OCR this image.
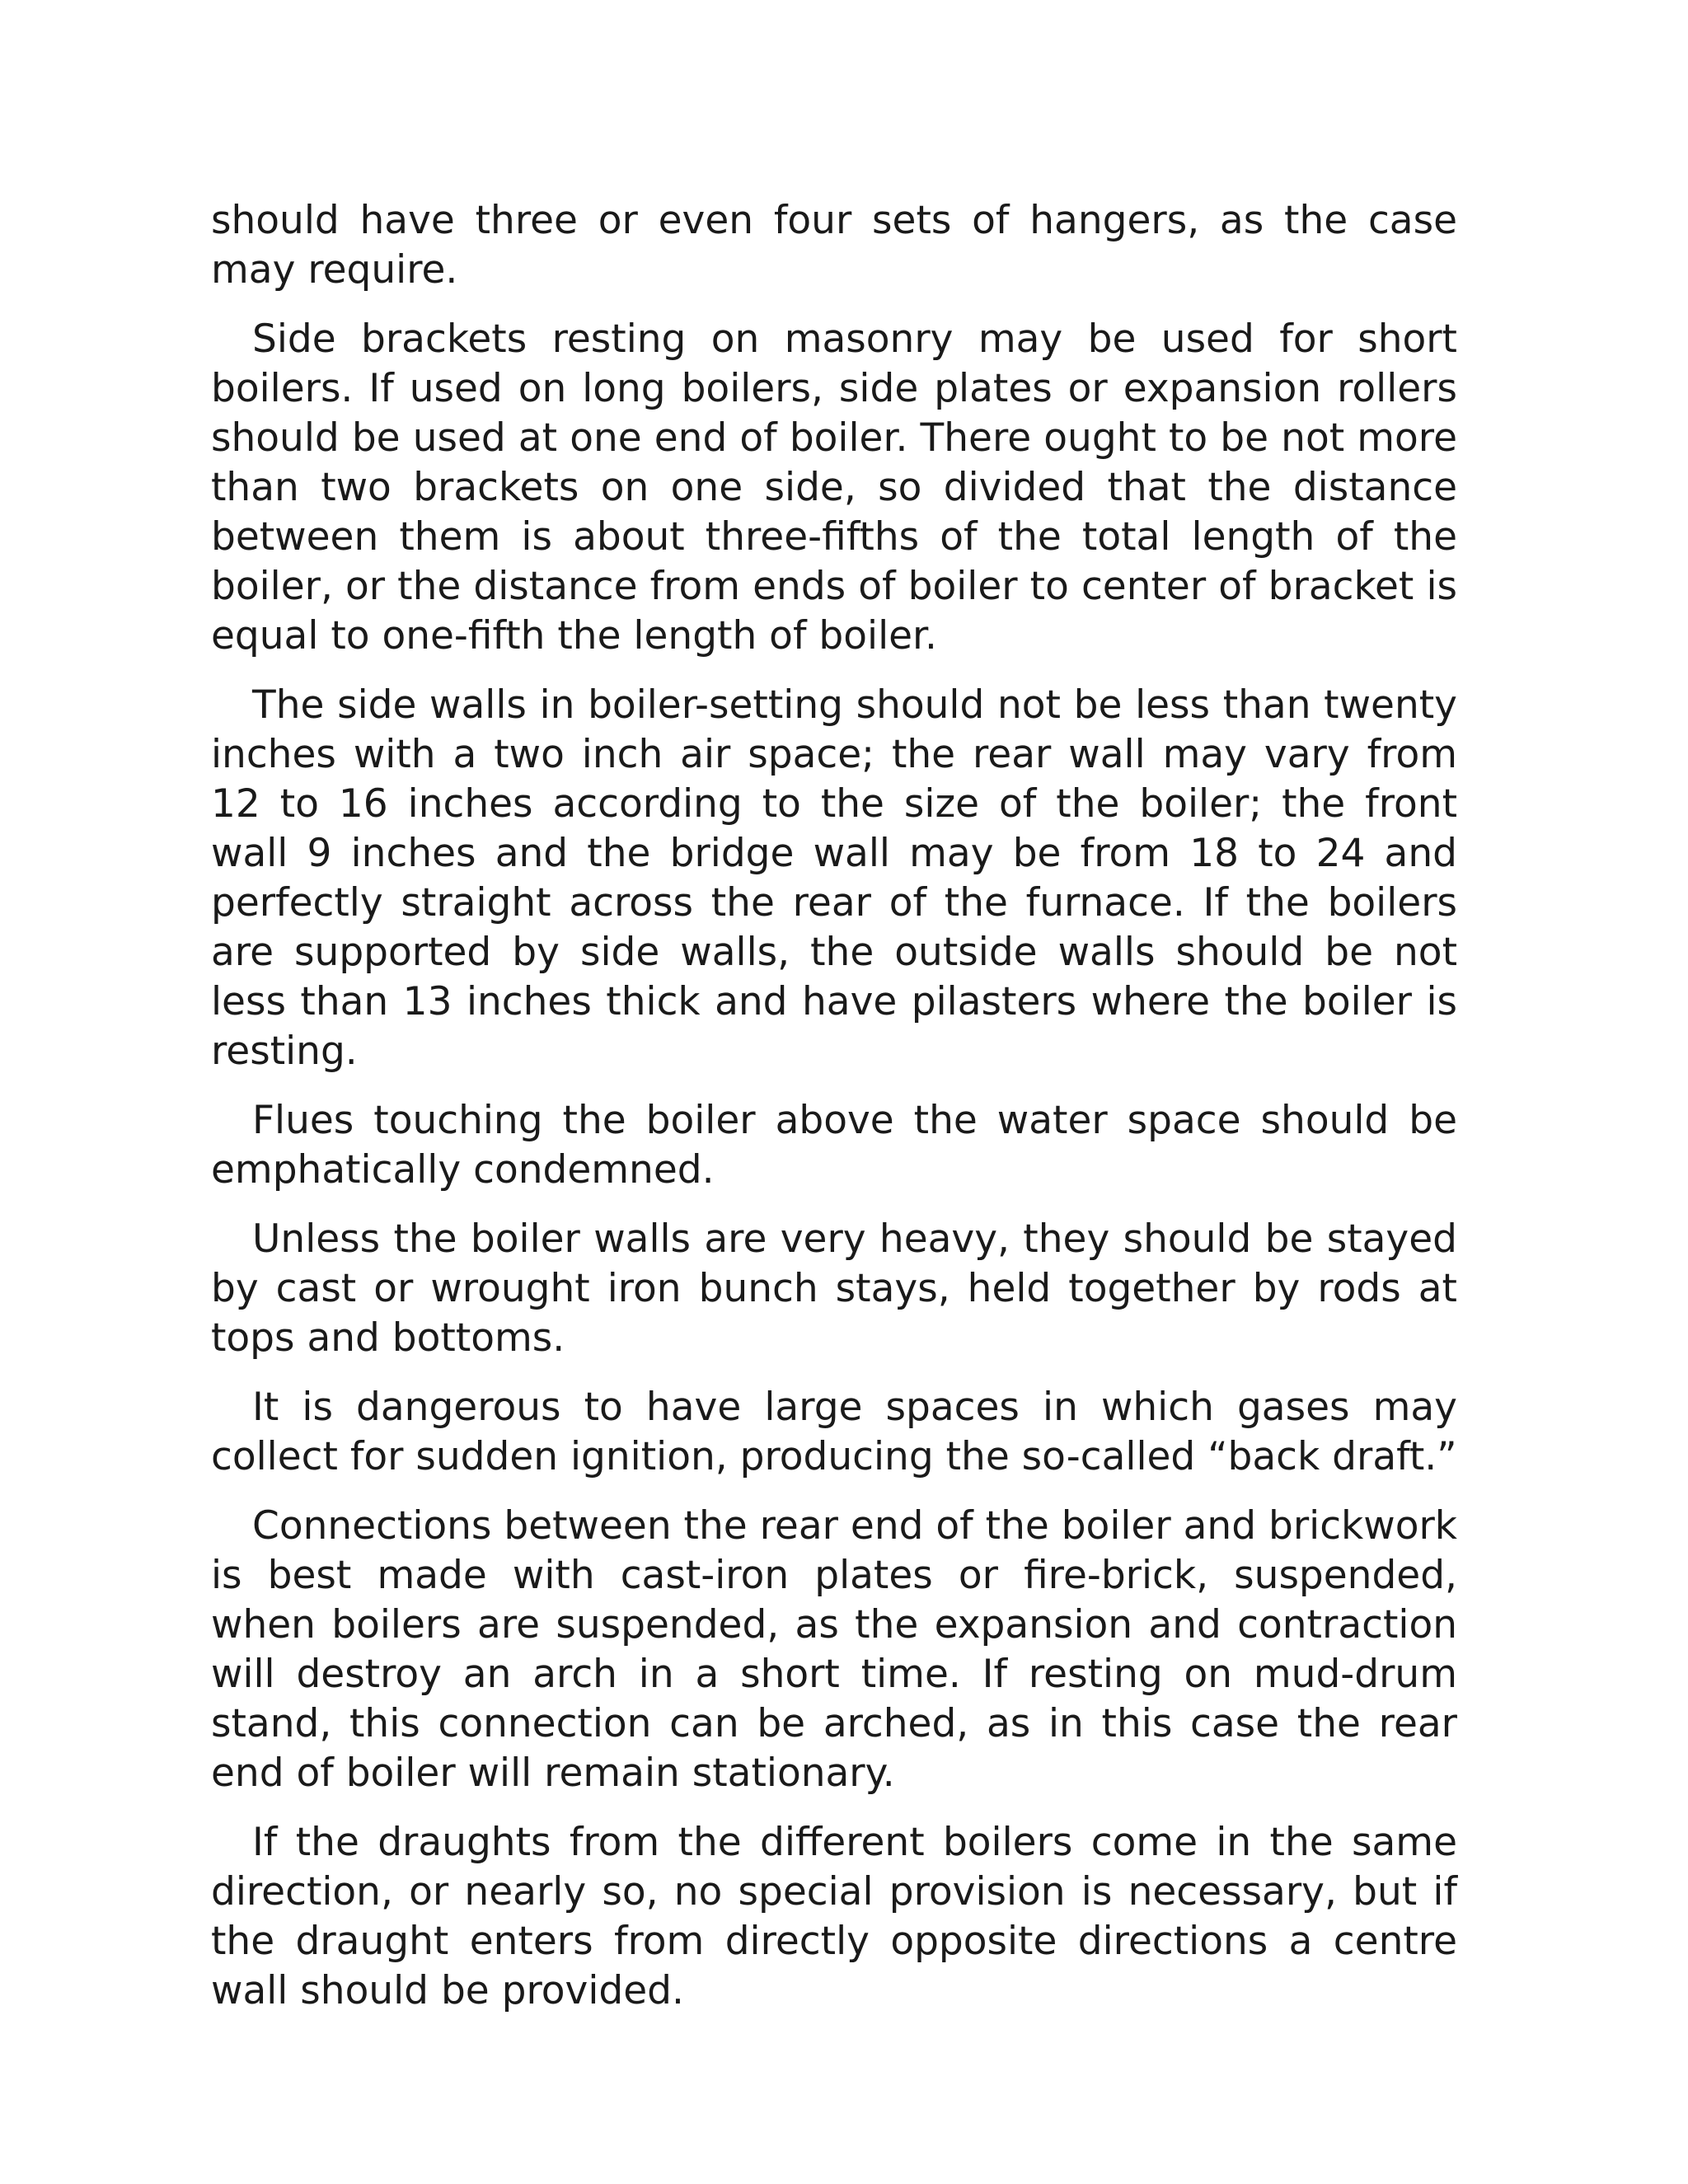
should have three or even four sets of hangers, as the case may require.

Side brackets resting on masonry may be used for short boilers. If used on long boilers, side plates or expansion rollers should be used at one end of boiler. There ought to be not more than two brackets on one side, so divided that the distance between them is about three-fifths of the total length of the boiler, or the distance from ends of boiler to center of bracket is equal to one-fifth the length of boiler.

The side walls in boiler-setting should not be less than twenty inches with a two inch air space; the rear wall may vary from 12 to 16 inches according to the size of the boiler; the front wall 9 inches and the bridge wall may be from 18 to 24 and perfectly straight across the rear of the furnace. If the boilers are supported by side walls, the outside walls should be not less than 13 inches thick and have pilasters where the boiler is resting.

Flues touching the boiler above the water space should be emphatically condemned.

Unless the boiler walls are very heavy, they should be stayed by cast or wrought iron bunch stays, held together by rods at tops and bottoms.

It is dangerous to have large spaces in which gases may collect for sudden ignition, producing the so-called “back draft.”

Connections between the rear end of the boiler and brickwork is best made with cast-iron plates or fire-brick, suspended, when boilers are suspended, as the expansion and contraction will destroy an arch in a short time. If resting on mud-drum stand, this connection can be arched, as in this case the rear end of boiler will remain stationary.

If the draughts from the different boilers come in the same direction, or nearly so, no special provision is necessary, but if the draught enters from directly opposite directions a centre wall should be provided.
